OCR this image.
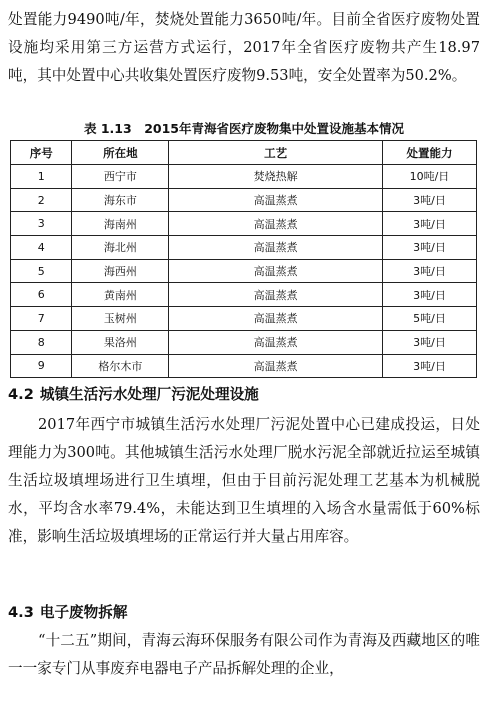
处置能力9490吨/年，焚烧处置能力3650吨/年。目前全省医疗废物处置设施均采用第三方运营方式运行，2017年全省医疗废物共产生18.97吨，其中处置中心共收集处置医疗废物9.53吨，安全处置率为50.2%。

表 1.13　2015年青海省医疗废物集中处置设施基本情况

序号	所在地	工艺	处置能力
1	西宁市	焚烧热解	10吨/日
2	海东市	高温蒸煮	3吨/日
3	海南州	高温蒸煮	3吨/日
4	海北州	高温蒸煮	3吨/日
5	海西州	高温蒸煮	3吨/日
6	黄南州	高温蒸煮	3吨/日
7	玉树州	高温蒸煮	5吨/日
8	果洛州	高温蒸煮	3吨/日
9	格尔木市	高温蒸煮	3吨/日
4.2 城镇生活污水处理厂污泥处理设施

2017年西宁市城镇生活污水处理厂污泥处置中心已建成投运，日处理能力为300吨。其他城镇生活污水处理厂脱水污泥全部就近拉运至城镇生活垃圾填埋场进行卫生填埋，但由于目前污泥处理工艺基本为机械脱水，平均含水率79.4%，未能达到卫生填埋的入场含水量需低于60%标准，影响生活垃圾填埋场的正常运行并大量占用库容。

4.3 电子废物拆解

“十二五”期间，青海云海环保服务有限公司作为青海及西藏地区的唯一一家专门从事废弃电器电子产品拆解处理的企业，
